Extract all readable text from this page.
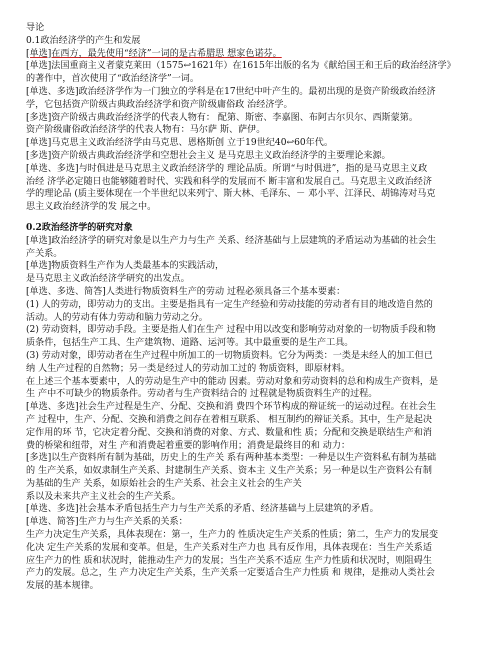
导论
0.1政治经济学的产生和发展
[单选]在西方，最先使用“经济”一词的是古希腊思 想家色诺芬。
[单选]法国重商主义者蒙克莱田（1575↩1621年）在1615年出版的名为《献给国王和王后的政治经济学》
的著作中，首次使用了“政治经济学”一词。
[单选、多选]政治经济学作为一门独立的学科是在17世纪中叶产生的。最初出现的是资产阶级政治经济
学，它包括资产阶级古典政治经济学和资产阶级庸俗政 治经济学。
[多选]资产阶级古典政治经济学的代表人物有： 配第、斯密、李嘉图、布阿古尔贝尔、西斯蒙第。
资产阶级庸俗政治经济学的代表人物有：马尔萨 斯、萨伊。
[单选]马克思主义政治经济学由马克思、恩格斯创 立于19世纪40↩60年代。
[多选]资产阶级古典政治经济学和空想社会主义 是马克思主义政治经济学的主要理论来源。
[单选、多选]与时俱进是马克思主义政治经济学的 理论品质。所谓“与时俱进”，指的是马克思主义政
治经 济学必定随日也能够随着时代、实践和科学的发展而不 断丰富和发展自己。马克思主义政治经济
学的理论品 (质主要体现在一个半世纪以来列宁、斯大林、毛泽东、－ 邓小平、江泽民、胡锦涛对马克
思主义政治经济学的发 展之中。
0.2政治经济学的研究对象
[单选]政治经济学的研究对象是以生产力与生产 关系、经济基础与上层建筑的矛盾运动为基础的社会生
产关系。
[单选]物质资料生产作为人类最基本的实践活动，
是马克思主义政治经济学研究的出发点。
[单选、多选、简答]人类进行物质资料生产的劳动 过程必须具备三个基本要素：
(1) 人的劳动，即劳动力的支出。主要是指具有一定生产经验和劳动技能的劳动者有目的地改造自然的
活动。人的劳动有体力劳动和脑力劳动之分。
(2) 劳动资料，即劳动手段。主要是指人们在生产 过程中用以改变和影响劳动对象的一切物质手段和物
质条件，包括生产工具、生产建筑物、道路、运河等。其中最重要的是生产工具。
(3) 劳动对象，即劳动者在生产过程中所加工的一切物质资料。它分为两类：一类是未经人的加工但已
纳 人生产过程的自然物；另一类是经过人的劳动加工过的 物质资料，即原材料。
在上述三个基本要素中，人的劳动是生产中的能动 因素。劳动对象和劳动资料的总和构成生产资料，是
生 产中不可缺少的物质条件。劳动者与生产资料结合的 过程就是物质资料生产的过程。
[单选、多选]社会生产过程是生产、分配、交换和消 费四个环节构成的辩证统一的运动过程。在社会生
产 过程中，生产、分配、交换和消费之间存在着相互联系、 相互制约的辩证关系。其中，生产是起决
定作用的环 节，它决定着分配、交换和消费的对象、方式、数量和性 质；分配和交换是联结生产和消
费的桥梁和纽带，对生 产和消费起着重要的影响作用；消费是最终目的和 动力：
[多选]以生产资料所有制为基础，历史上的生产关 系有两种基本类型：一种是以生产资料私有制为基础
的 生产关系，如奴隶制生产关系、封建制生产关系、资本主 义生产关系；另一种是以生产资料公有制
为基础的生产 关系，如原始社会的生产关系、社会主义社会的生产关
系以及未来共产主义社会的生产关系。
[单选、多选]社会基本矛盾包括生产力与生产关系的矛盾、经济基础与上层建筑的矛盾。
[单选、简答]生产力与生产关系的关系：
生产力决定生产关系，具体表现在：第一，生产力的 性质决定生产关系的性质；第二，生产力的发展变
化决 定生产关系的发展和变革。但是，生产关系对生产力也 具有反作用，具体表现在：当生产关系适
应生产力的性 质和状况时，能推动生产力的发展；当生产关系不适应 生产力性质和状况时，则阻碍生
产力的发展。总之，生 产力决定生产关系，生产关系一定要适合生产力性质 和 规律，是推动人类社会
发展的基本规律。
